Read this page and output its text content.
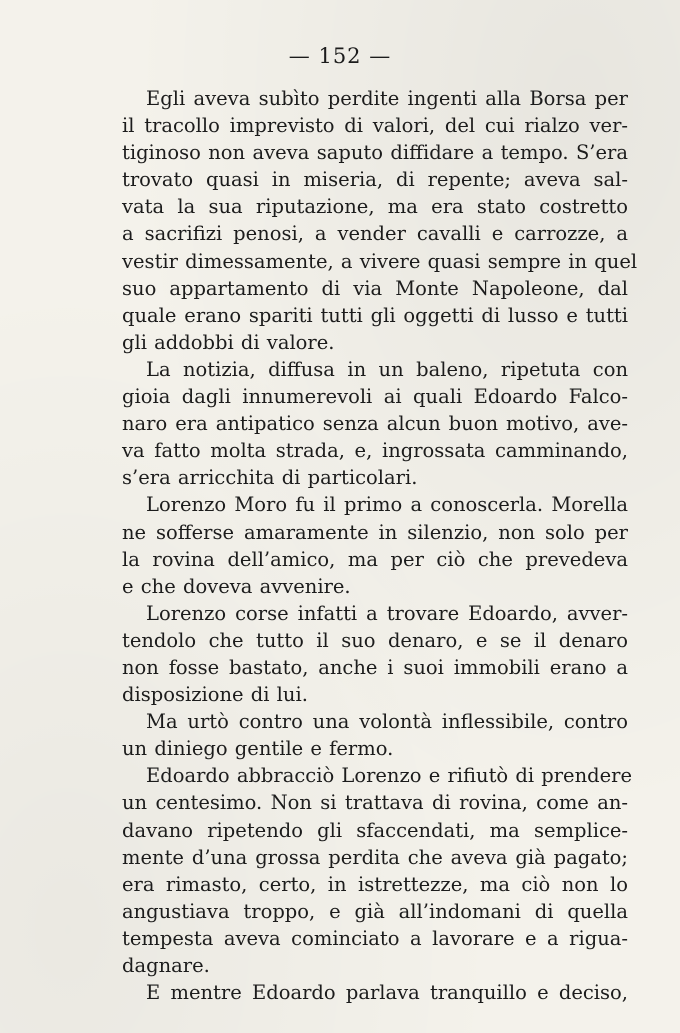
— 152 —
Egli aveva subìto perdite ingenti alla Borsa per
il tracollo imprevisto di valori, del cui rialzo ver-
tiginoso non aveva saputo diffidare a tempo. S’era
trovato quasi in miseria, di repente; aveva sal-
vata la sua riputazione, ma era stato costretto
a sacrifizi penosi, a vender cavalli e carrozze, a
vestir dimessamente, a vivere quasi sempre in quel
suo appartamento di via Monte Napoleone, dal
quale erano spariti tutti gli oggetti di lusso e tutti
gli addobbi di valore.
La notizia, diffusa in un baleno, ripetuta con
gioia dagli innumerevoli ai quali Edoardo Falco-
naro era antipatico senza alcun buon motivo, ave-
va fatto molta strada, e, ingrossata camminando,
s’era arricchita di particolari.
Lorenzo Moro fu il primo a conoscerla. Morella
ne sofferse amaramente in silenzio, non solo per
la rovina dell’amico, ma per ciò che prevedeva
e che doveva avvenire.
Lorenzo corse infatti a trovare Edoardo, avver-
tendolo che tutto il suo denaro, e se il denaro
non fosse bastato, anche i suoi immobili erano a
disposizione di lui.
Ma urtò contro una volontà inflessibile, contro
un diniego gentile e fermo.
Edoardo abbracciò Lorenzo e rifiutò di prendere
un centesimo. Non si trattava di rovina, come an-
davano ripetendo gli sfaccendati, ma semplice-
mente d’una grossa perdita che aveva già pagato;
era rimasto, certo, in istrettezze, ma ciò non lo
angustiava troppo, e già all’indomani di quella
tempesta aveva cominciato a lavorare e a rigua-
dagnare.
E mentre Edoardo parlava tranquillo e deciso,
